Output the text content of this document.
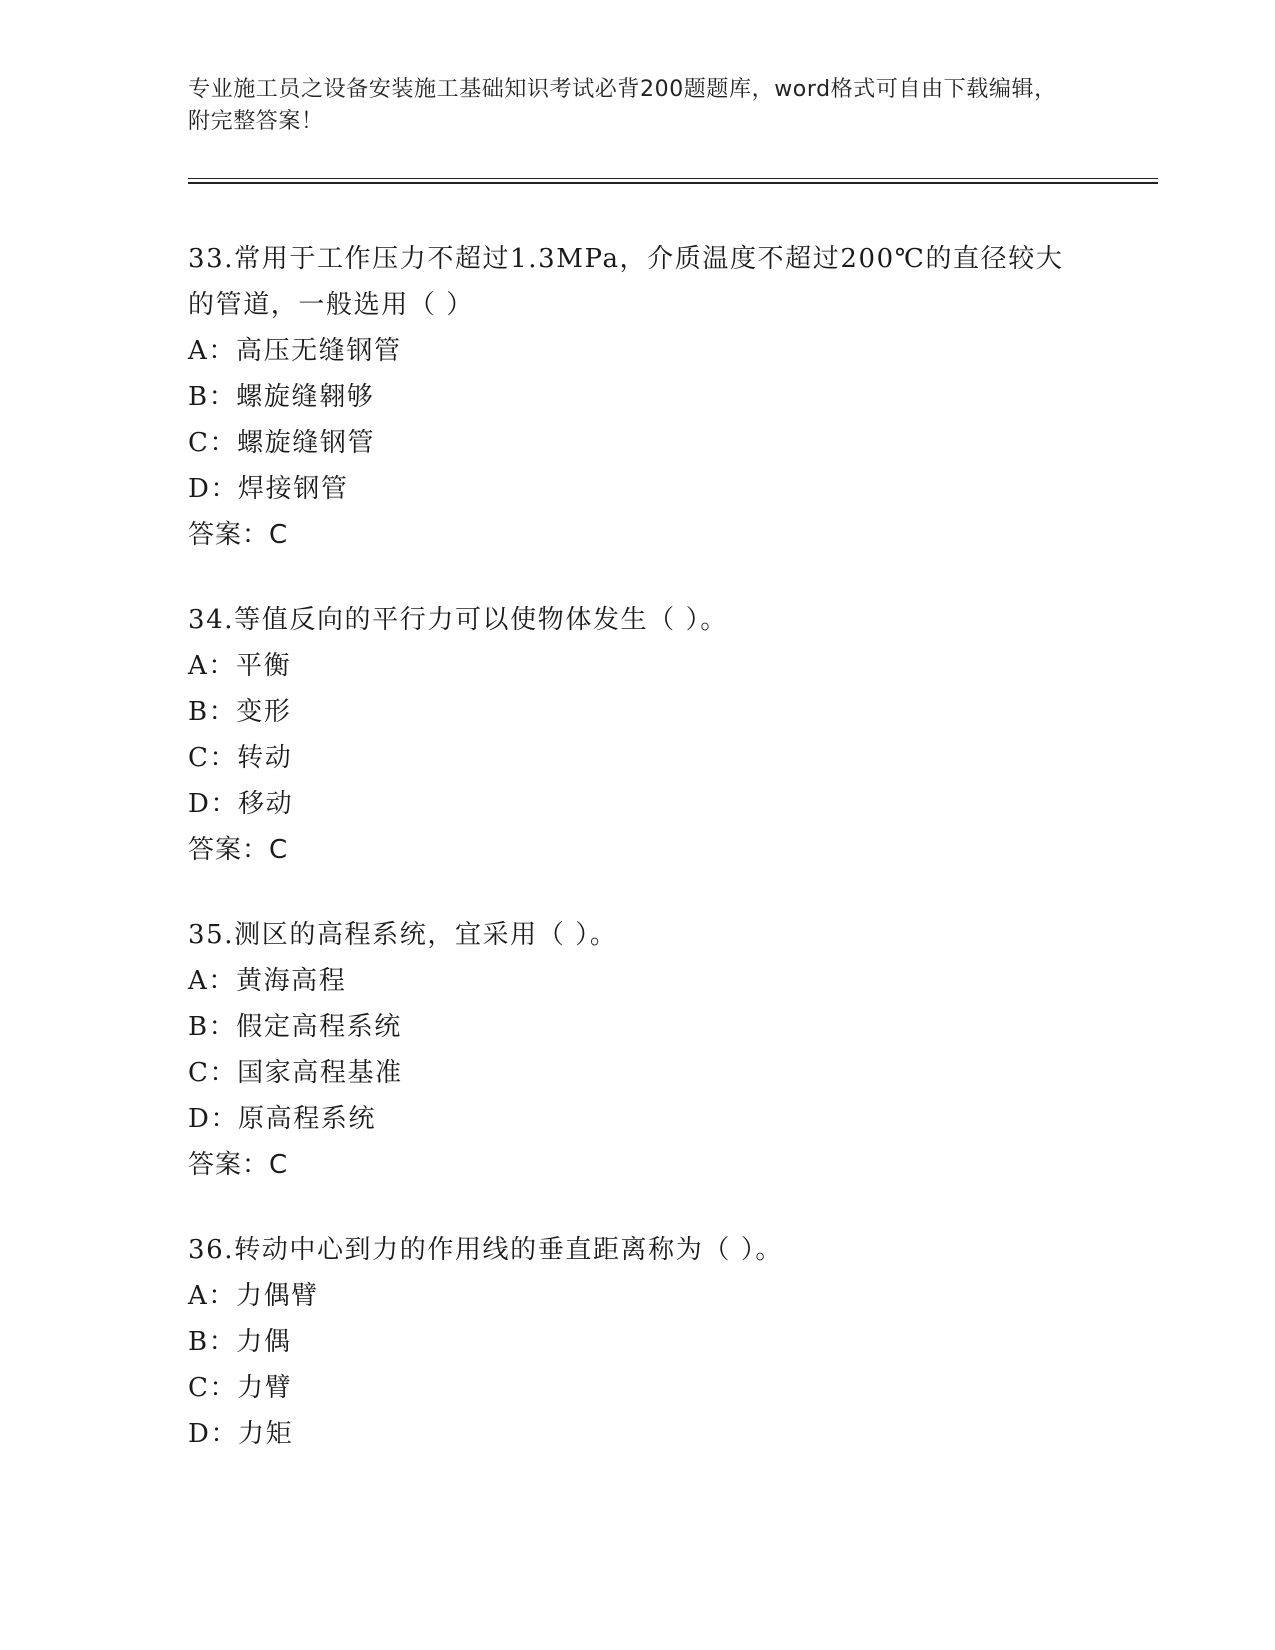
专业施工员之设备安装施工基础知识考试必背200题题库，word格式可自由下载编辑，附完整答案！

33.常用于工作压力不超过1.3MPa，介质温度不超过200℃的直径较大的管道，一般选用（ ）

A：高压无缝钢管

B：螺旋缝翱够

C：螺旋缝钢管

D：焊接钢管

答案：C

34.等值反向的平行力可以使物体发生（ ）。

A：平衡

B：变形

C：转动

D：移动

答案：C

35.测区的高程系统，宜采用（ ）。

A：黄海高程

B：假定高程系统

C：国家高程基准

D：原高程系统

答案：C

36.转动中心到力的作用线的垂直距离称为（ ）。

A：力偶臂

B：力偶

C：力臂

D：力矩
